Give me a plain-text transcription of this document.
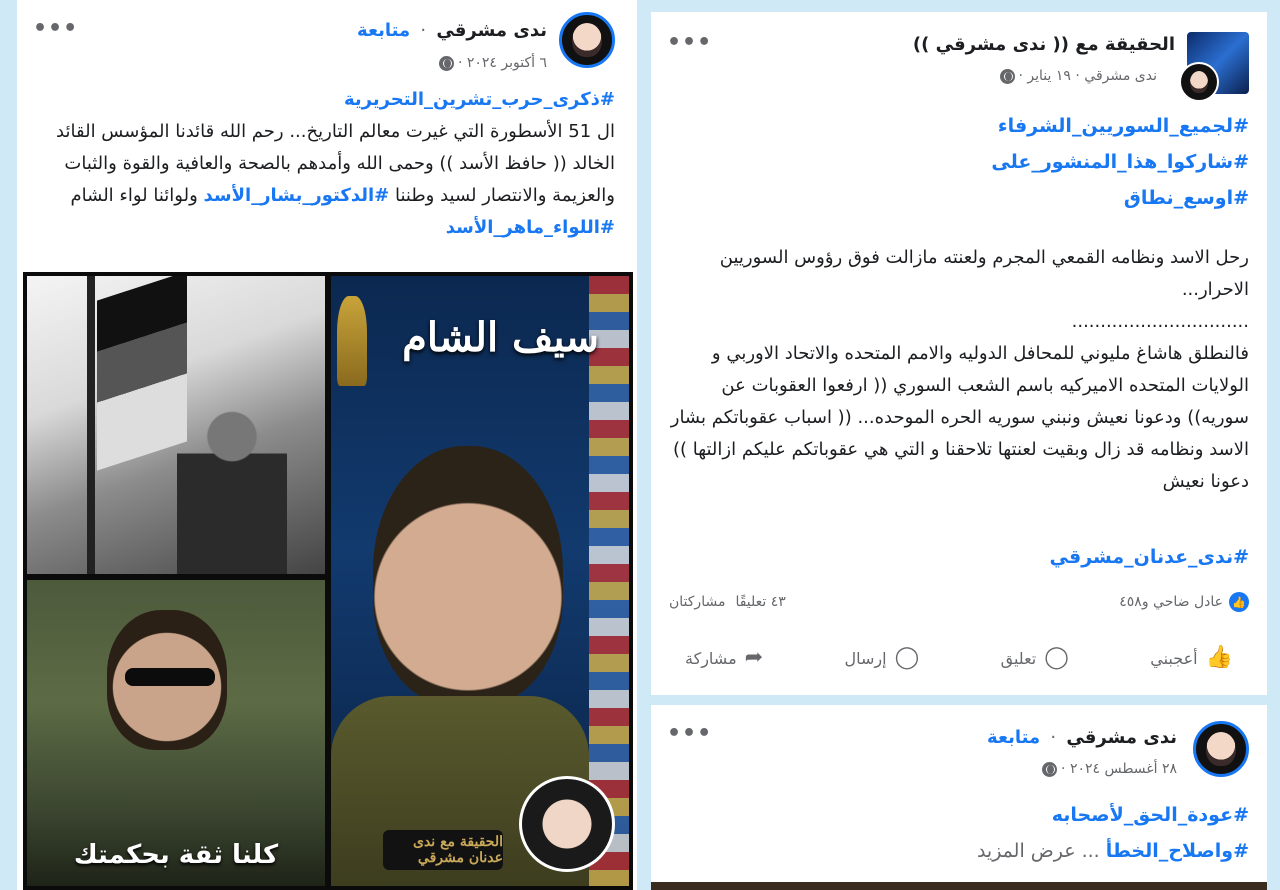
ندى مشرقي · متابعة
٦ أكتوبر ٢٠٢٤ ·
•••
#ذكرى_حرب_تشرين_التحريرية
ال 51 الأسطورة التي غيرت معالم التاريخ... رحم الله قائدنا المؤسس القائد الخالد (( حافظ الأسد )) وحمى الله وأمدهم بالصحة والعافية والقوة والثبات والعزيمة والانتصار لسيد وطننا #الدكتور_بشار_الأسد ولوائنا لواء الشام #اللواء_ماهر_الأسد
كلنا ثقة بحكمتك
سيف الشام
الحقيقة مع ندى عدنان مشرقي
الحقيقة مع (( ندى مشرقي ))
ندى مشرقي · ١٩ يناير ·
•••
#لجميع_السوريين_الشرفاء
#شاركوا_هذا_المنشور_على
#اوسع_نطاق
رحل الاسد ونظامه القمعي المجرم ولعنته مازالت فوق رؤوس السوريين الاحرار...
...............................
فالنطلق هاشاغ مليوني للمحافل الدوليه والامم المتحده والاتحاد الاوربي و الولايات المتحده الاميركيه باسم الشعب السوري (( ارفعوا العقوبات عن سوريه)) ودعونا نعيش ونبني سوريه الحره الموحده... (( اسباب عقوباتكم بشار الاسد ونظامه قد زال وبقيت لعنتها تلاحقنا و التي هي عقوباتكم عليكم ازالتها )) دعونا نعيش
#ندى_عدنان_مشرقي
٤٣ تعليقًا
مشاركتان	👍
عادل ضاحي و٤٥٨
➦
مشاركة	◯
إرسال	◯
تعليق	👍
أعجبني
ندى مشرقي · متابعة
٢٨ أغسطس ٢٠٢٤ ·
•••
#عودة_الحق_لأصحابه
#واصلاح_الخطأ ... عرض المزيد
